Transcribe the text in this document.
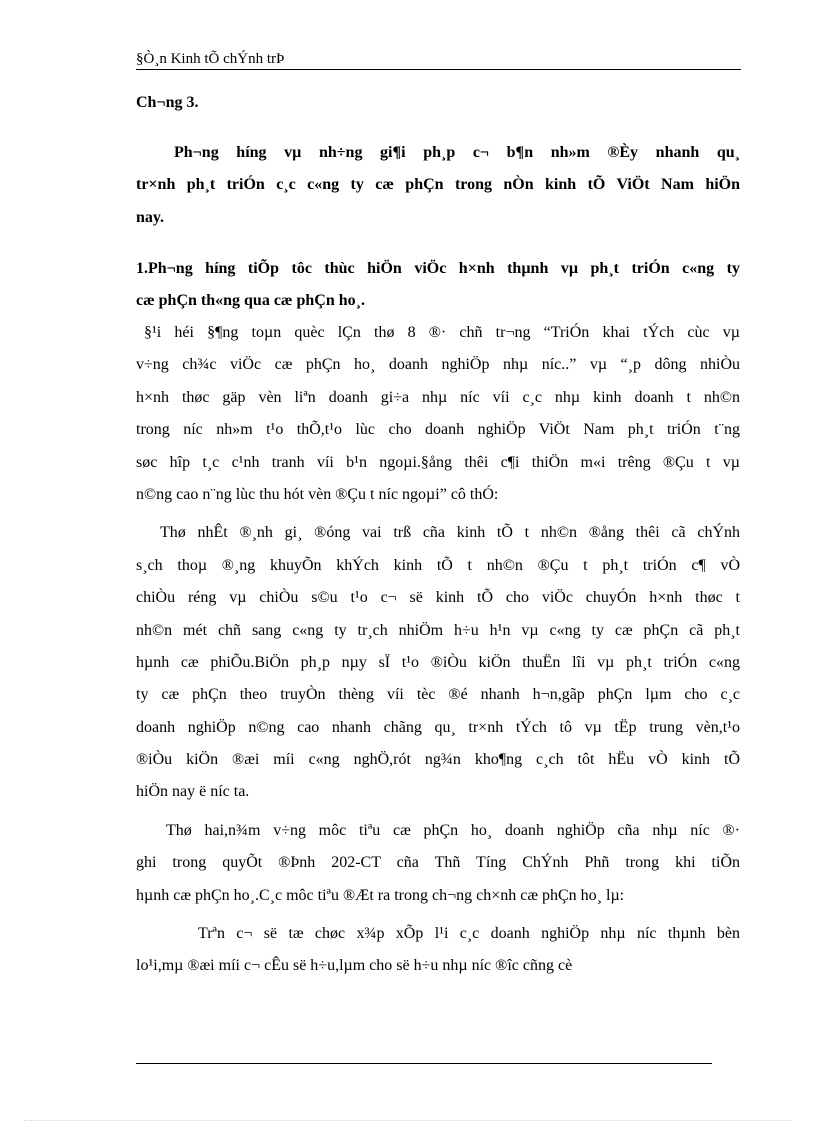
§Ò¸n Kinh tÕ chÝnh trÞ
Ch¬ng 3.
Ph¬ng híng vµ nh÷ng gi¶i ph¸p c¬ b¶n nh»m ®Èy nhanh qu¸
tr×nh ph¸t triÓn c¸c c«ng ty cæ phÇn trong nÒn kinh tÕ ViÖt Nam hiÖn
nay.
1.Ph¬ng híng tiÕp tôc thùc hiÖn viÖc h×nh thµnh vµ ph¸t triÓn c«ng ty
cæ phÇn th«ng qua cæ phÇn ho¸.
§¹i héi §¶ng toµn quèc lÇn thø 8 ®· chñ tr¬ng “TriÓn khai tÝch cùc vµ
v÷ng ch¾c viÖc cæ phÇn ho¸ doanh nghiÖp nhµ níc..” vµ “¸p dông nhiÒu
h×nh thøc gäp vèn liªn doanh gi÷a nhµ níc víi c¸c nhµ kinh doanh t nh©n
trong níc nh»m t¹o thÕ,t¹o lùc cho doanh nghiÖp ViÖt Nam ph¸t triÓn t¨ng
søc hîp t¸c c¹nh tranh víi b¹n ngoµi.§ång thêi c¶i thiÖn m«i trêng ®Çu t vµ
n©ng cao n¨ng lùc thu hót vèn ®Çu t níc ngoµi” cô thÓ:
Thø nhÊt ®¸nh gi¸ ®óng vai trß cña kinh tÕ t nh©n ®ång thêi cã chÝnh
s¸ch thoµ ®¸ng khuyÕn khÝch kinh tÕ t nh©n ®Çu t ph¸t triÓn c¶ vÒ
chiÒu réng vµ chiÒu s©u t¹o c¬ së kinh tÕ cho viÖc chuyÓn h×nh thøc t
nh©n mét chñ sang c«ng ty tr¸ch nhiÖm h÷u h¹n vµ c«ng ty cæ phÇn cã ph¸t
hµnh cæ phiÕu.BiÖn ph¸p nµy sÏ t¹o ®iÒu kiÖn thuËn lîi vµ ph¸t triÓn c«ng
ty cæ phÇn theo truyÒn thèng víi tèc ®é nhanh h¬n,gãp phÇn lµm cho c¸c
doanh nghiÖp n©ng cao nhanh chãng qu¸ tr×nh tÝch tô vµ tËp trung vèn,t¹o
®iÒu kiÖn ®æi míi c«ng nghÖ,rót ng¾n kho¶ng c¸ch tôt hËu vÒ kinh tÕ
hiÖn nay ë níc ta.
Thø hai,n¾m v÷ng môc tiªu cæ phÇn ho¸ doanh nghiÖp cña nhµ níc ®·
ghi trong quyÕt ®Þnh 202-CT cña Thñ Tíng ChÝnh Phñ trong khi tiÕn
hµnh cæ phÇn ho¸.C¸c môc tiªu ®Æt ra trong ch¬ng ch×nh cæ phÇn ho¸ lµ:
Trªn c¬ së tæ chøc x¾p xÕp l¹i c¸c doanh nghiÖp nhµ níc thµnh bèn
lo¹i,mµ ®æi míi c¬ cÊu së h÷u,lµm cho së h÷u nhµ níc ®îc cñng cè
